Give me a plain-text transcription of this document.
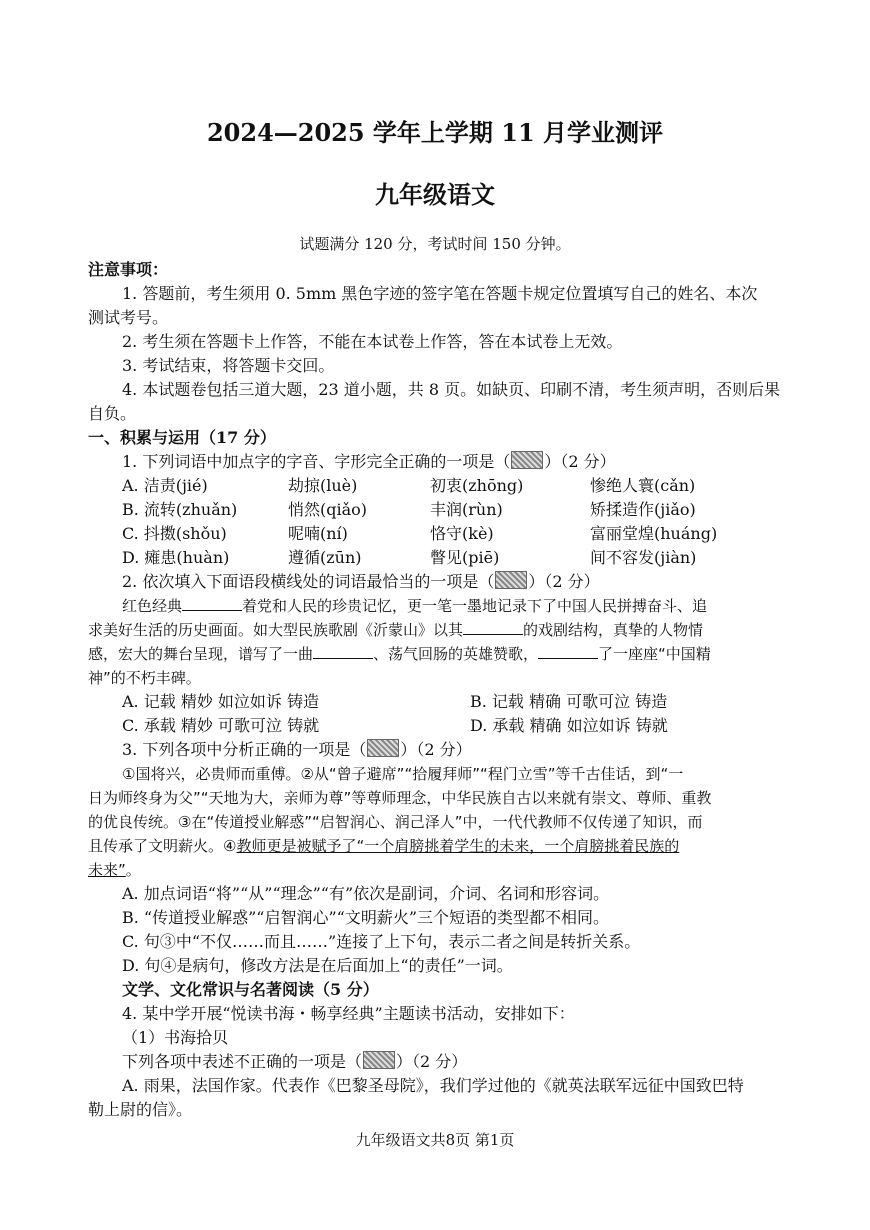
2024—2025 学年上学期 11 月学业测评
九年级语文
试题满分 120 分，考试时间 150 分钟。
注意事项：
1. 答题前，考生须用 0. 5mm 黑色字迹的签字笔在答题卡规定位置填写自己的姓名、本次
测试考号。
2. 考生须在答题卡上作答，不能在本试卷上作答，答在本试卷上无效。
3. 考试结束，将答题卡交回。
4. 本试题卷包括三道大题，23 道小题，共 8 页。如缺页、印刷不清，考生须声明，否则后果
自负。
一、积累与运用（17 分）
1. 下列词语中加点字的字音、字形完全正确的一项是（ ）（2 分）
A. 洁责(jié)	劫掠(luè)	初衷(zhōng)	惨绝人寰(cǎn)
B. 流转(zhuǎn)	悄然(qiǎo)	丰润(rùn)	矫揉造作(jiǎo)
C. 抖擞(shǒu)	呢喃(ní)	恪守(kè)	富丽堂煌(huáng)
D. 瘫患(huàn)	遵循(zūn)	瞥见(piē)	间不容发(jiàn)
2. 依次填入下面语段横线处的词语最恰当的一项是（ ）（2 分）
红色经典	着党和人民的珍贵记忆，更一笔一墨地记录下了中国人民拼搏奋斗、追
求美好生活的历史画面。如大型民族歌剧《沂蒙山》以其	的戏剧结构，真挚的人物情
感，宏大的舞台呈现，谱写了一曲	、荡气回肠的英雄赞歌，	了一座座“中国精
神”的不朽丰碑。
A. 记载 精妙 如泣如诉 铸造	B. 记载 精确 可歌可泣 铸造
C. 承载 精妙 可歌可泣 铸就	D. 承载 精确 如泣如诉 铸就
3. 下列各项中分析正确的一项是（ ）（2 分）
①国将兴，必贵师而重傅。②从“曾子避席”“拾履拜师”“程门立雪”等千古佳话，到“一
日为师终身为父”“天地为大，亲师为尊”等尊师理念，中华民族自古以来就有崇文、尊师、重教
的优良传统。③在“传道授业解惑”“启智润心、润己泽人”中，一代代教师不仅传递了知识，而
且传承了文明薪火。④教师更是被赋予了“一个肩膀挑着学生的未来，一个肩膀挑着民族的
未来”。
A. 加点词语“将”“从”“理念”“有”依次是副词，介词、名词和形容词。
B. “传道授业解惑”“启智润心”“文明薪火”三个短语的类型都不相同。
C. 句③中“不仅……而且……”连接了上下句，表示二者之间是转折关系。
D. 句④是病句，修改方法是在后面加上“的责任”一词。
文学、文化常识与名著阅读（5 分）
4. 某中学开展“悦读书海・畅享经典”主题读书活动，安排如下：
（1）书海拾贝
下列各项中表述不正确的一项是（ ）（2 分）
A. 雨果，法国作家。代表作《巴黎圣母院》，我们学过他的《就英法联军远征中国致巴特
勒上尉的信》。
九年级语文共8页 第1页
